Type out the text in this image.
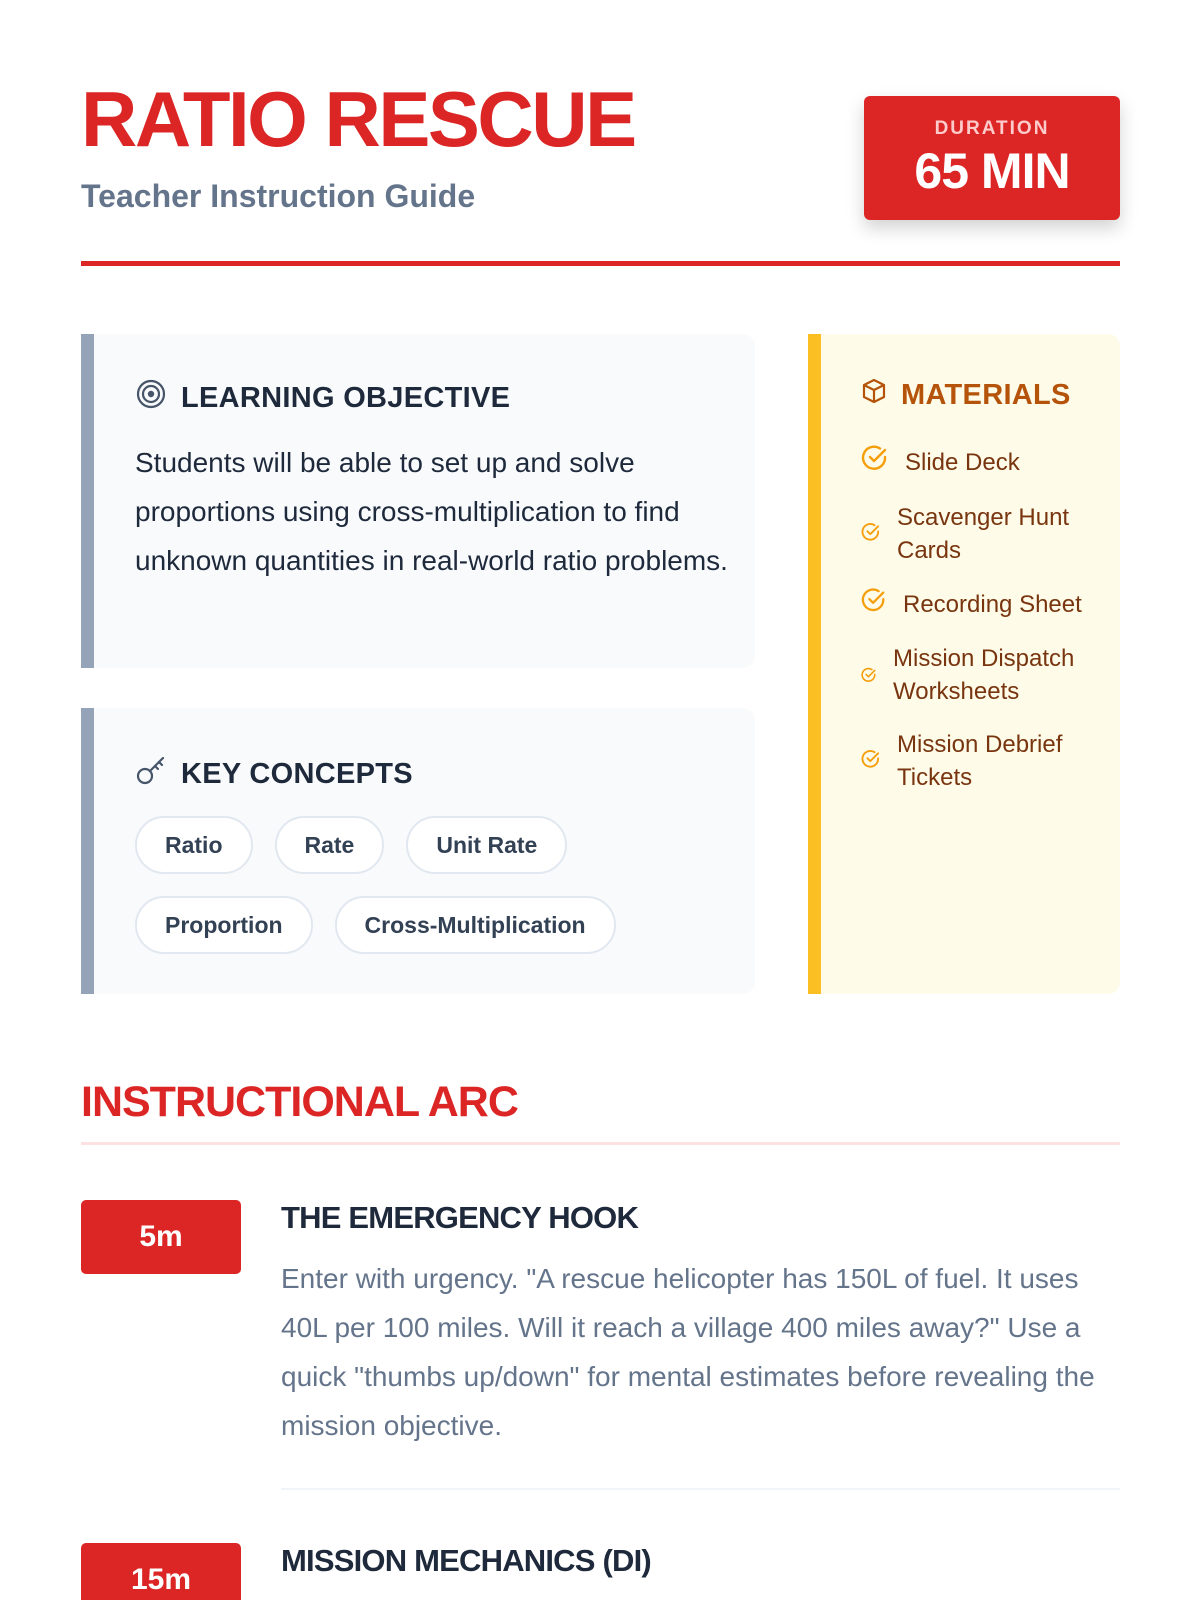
RATIO RESCUE
Teacher Instruction Guide
DURATION
65 MIN
LEARNING OBJECTIVE
Students will be able to set up and solve proportions using cross-multiplication to find unknown quantities in real-world ratio problems.
KEY CONCEPTS
Ratio	Rate	Unit Rate
Proportion	Cross-Multiplication
MATERIALS
Slide Deck
Scavenger Hunt Cards
Recording Sheet
Mission Dispatch Worksheets
Mission Debrief Tickets
INSTRUCTIONAL ARC
5m
THE EMERGENCY HOOK
Enter with urgency. "A rescue helicopter has 150L of fuel. It uses 40L per 100 miles. Will it reach a village 400 miles away?" Use a quick "thumbs up/down" for mental estimates before revealing the mission objective.
15m
MISSION MECHANICS (DI)
